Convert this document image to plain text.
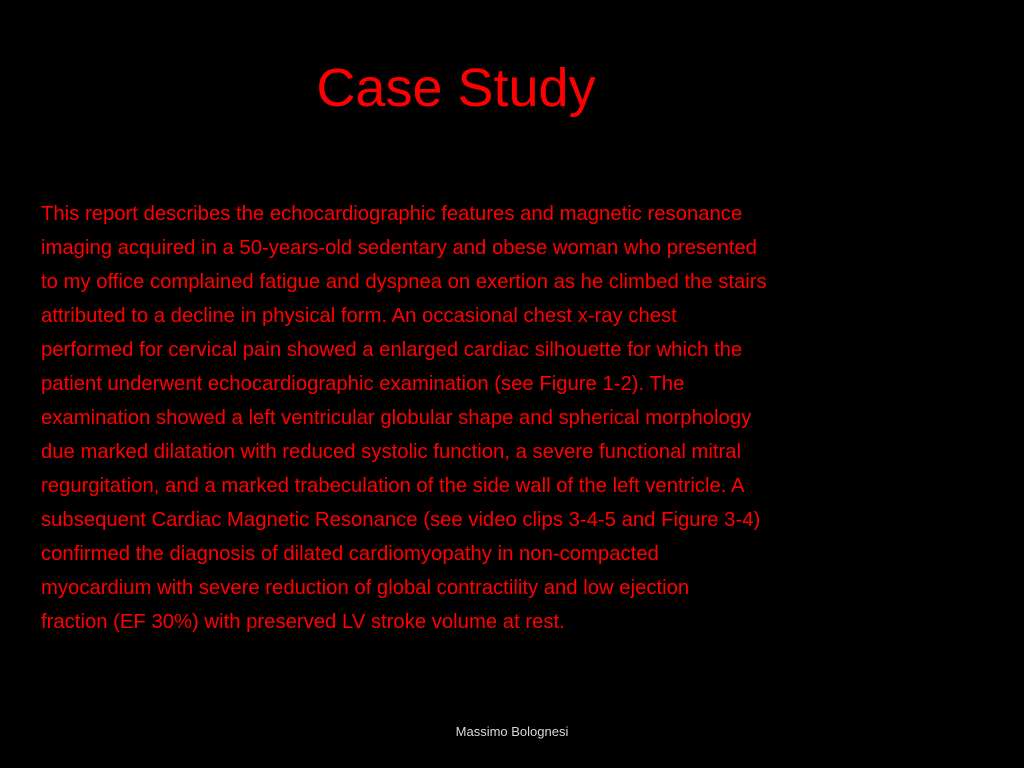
Case Study
This report describes the echocardiographic features and magnetic resonance
imaging acquired in a 50-years-old sedentary and obese woman who presented
to my office complained fatigue and dyspnea on exertion as he climbed the stairs
attributed to a decline in physical form. An occasional chest x-ray chest
performed for cervical pain showed a enlarged cardiac silhouette for which the
patient underwent echocardiographic examination (see Figure 1-2). The
examination showed a left ventricular globular shape and spherical morphology
due marked dilatation with reduced systolic function, a severe functional mitral
regurgitation, and a marked trabeculation of the side wall of the left ventricle. A
subsequent Cardiac Magnetic Resonance (see video clips 3-4-5 and Figure 3-4)
confirmed the diagnosis of dilated cardiomyopathy in non-compacted
myocardium with severe reduction of global contractility and low ejection
fraction (EF 30%) with preserved LV stroke volume at rest.
Massimo Bolognesi
